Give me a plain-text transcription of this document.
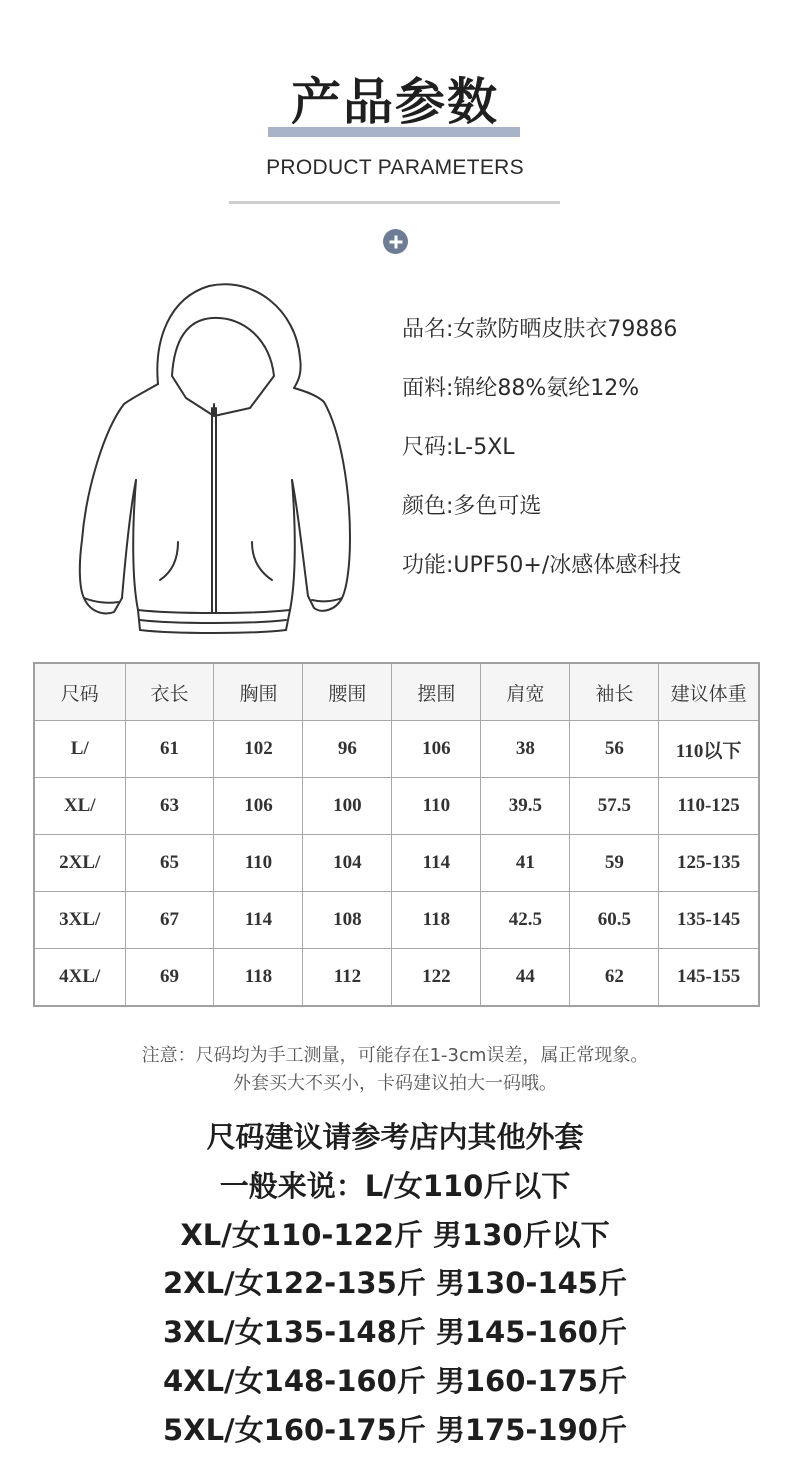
产品参数
PRODUCT PARAMETERS
品名:女款防晒皮肤衣79886
面料:锦纶88%氨纶12%
尺码:L-5XL
颜色:多色可选
功能:UPF50+/冰感体感科技
尺码	衣长	胸围	腰围	摆围	肩宽	袖长	建议体重
L/	61	102	96	106	38	56	110以下
XL/	63	106	100	110	39.5	57.5	110-125
2XL/	65	110	104	114	41	59	125-135
3XL/	67	114	108	118	42.5	60.5	135-145
4XL/	69	118	112	122	44	62	145-155
注意：尺码均为手工测量，可能存在1-3cm误差，属正常现象。
外套买大不买小，卡码建议拍大一码哦。
尺码建议请参考店内其他外套
一般来说：L/女110斤以下
XL/女110-122斤 男130斤以下
2XL/女122-135斤 男130-145斤
3XL/女135-148斤 男145-160斤
4XL/女148-160斤 男160-175斤
5XL/女160-175斤 男175-190斤
